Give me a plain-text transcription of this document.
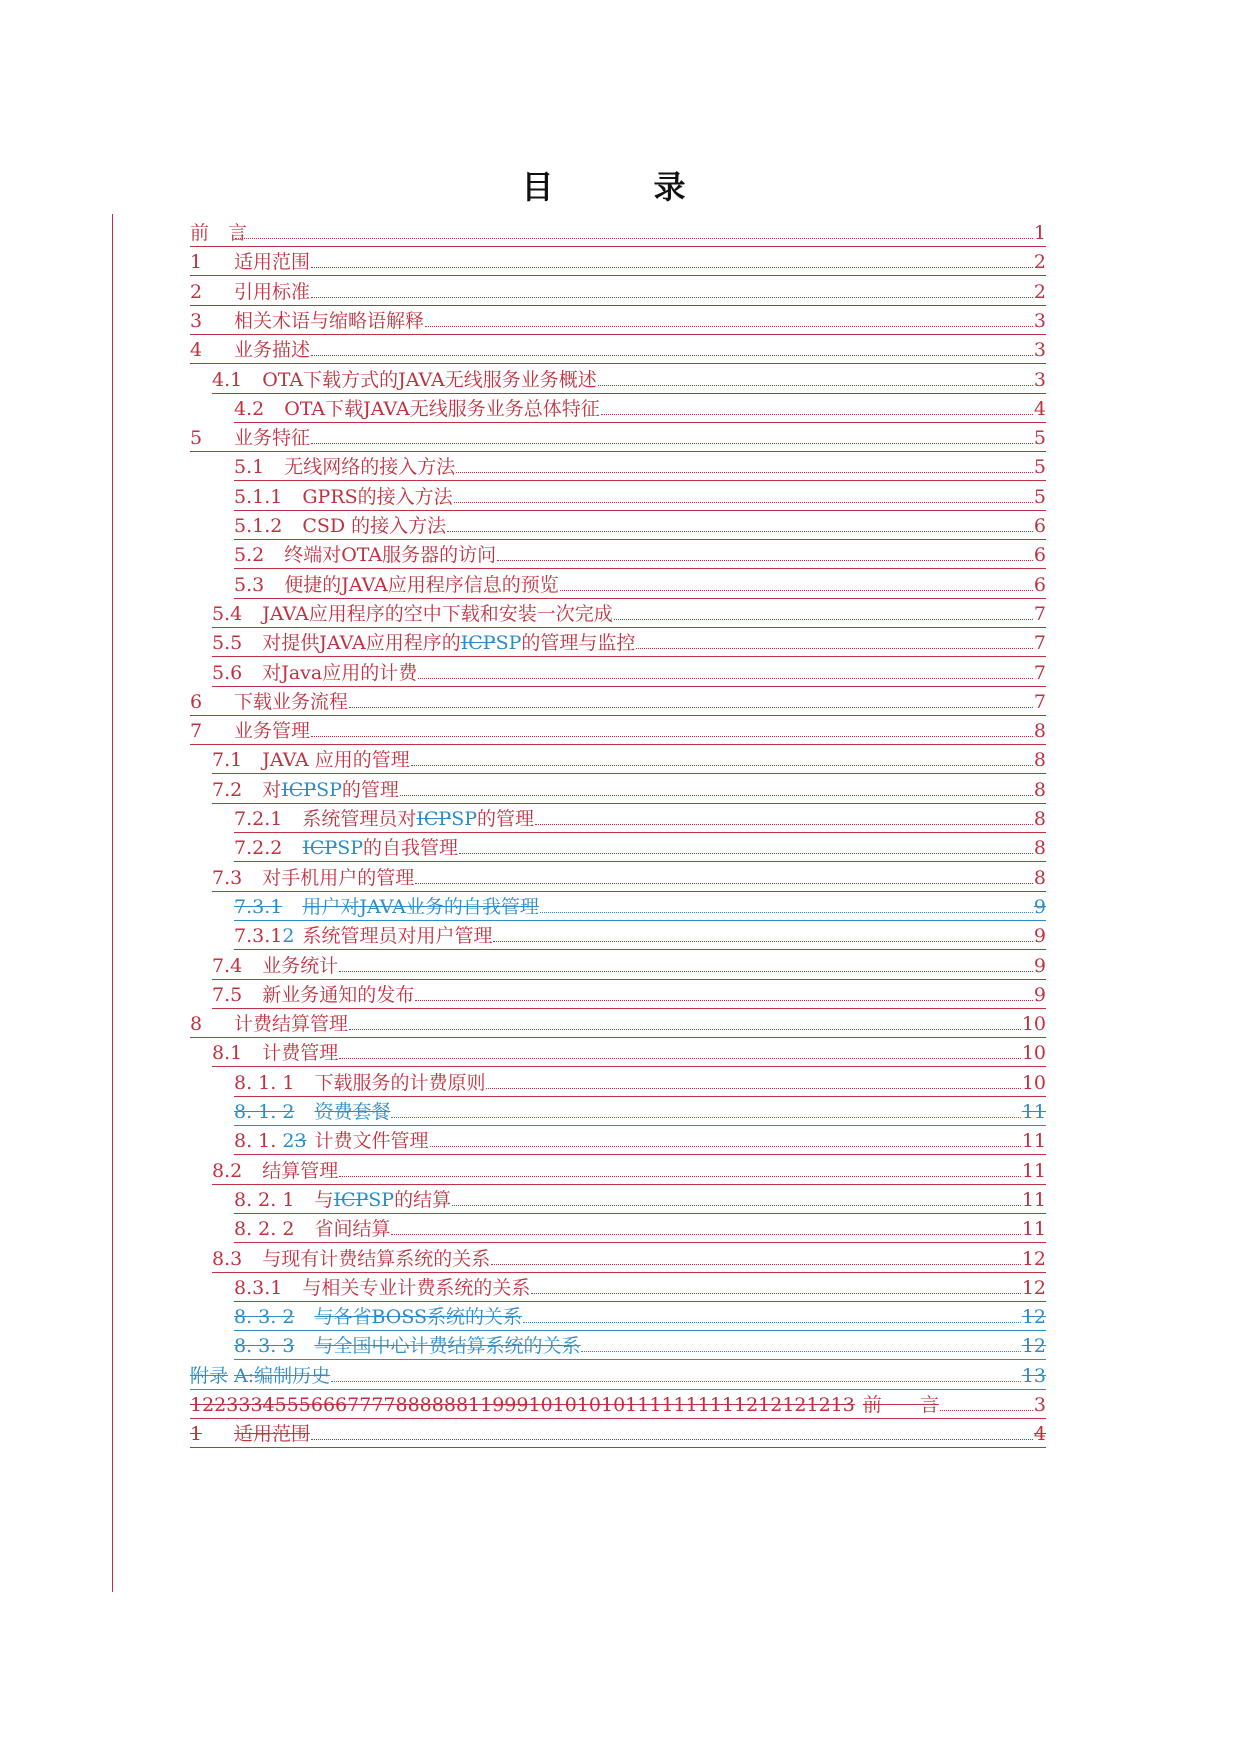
目　录
前　言	1
1	适用范围	2
2	引用标准	2
3	相关术语与缩略语解释	3
4	业务描述	3
4.1 OTA下载方式的JAVA无线服务业务概述	3
4.2 OTA下载JAVA无线服务业务总体特征	4
5	业务特征	5
5.1 无线网络的接入方法	5
5.1.1 GPRS的接入方法	5
5.1.2 CSD 的接入方法	6
5.2 终端对OTA服务器的访问	6
5.3 便捷的JAVA应用程序信息的预览	6
5.4 JAVA应用程序的空中下载和安装一次完成	7
5.5 对提供JAVA应用程序的ICPSP的管理与监控	7
5.6 对Java应用的计费	7
6	下载业务流程	7
7	业务管理	8
7.1 JAVA 应用的管理	8
7.2 对ICPSP的管理	8
7.2.1 系统管理员对ICPSP的管理	8
7.2.2 ICPSP的自我管理	8
7.3 对手机用户的管理	8
7.3.1 用户对JAVA业务的自我管理	9
7.3.12 系统管理员对用户管理	9
7.4 业务统计	9
7.5 新业务通知的发布	9
8	计费结算管理	10
8.1 计费管理	10
8. 1. 1 下载服务的计费原则	10
8. 1. 2 资费套餐	11
8. 1. 23 计费文件管理	11
8.2 结算管理	11
8. 2. 1 与ICPSP的结算	11
8. 2. 2 省间结算	11
8.3 与现有计费结算系统的关系	12
8.3.1 与相关专业计费系统的关系	12
8. 3. 2 与各省BOSS系统的关系	12
8. 3. 3 与全国中心计费结算系统的关系	12
附录 A:编制历史	13
1223334555666777788888811999101010101111111111212121213 前　　言	3
1	适用范围	4
